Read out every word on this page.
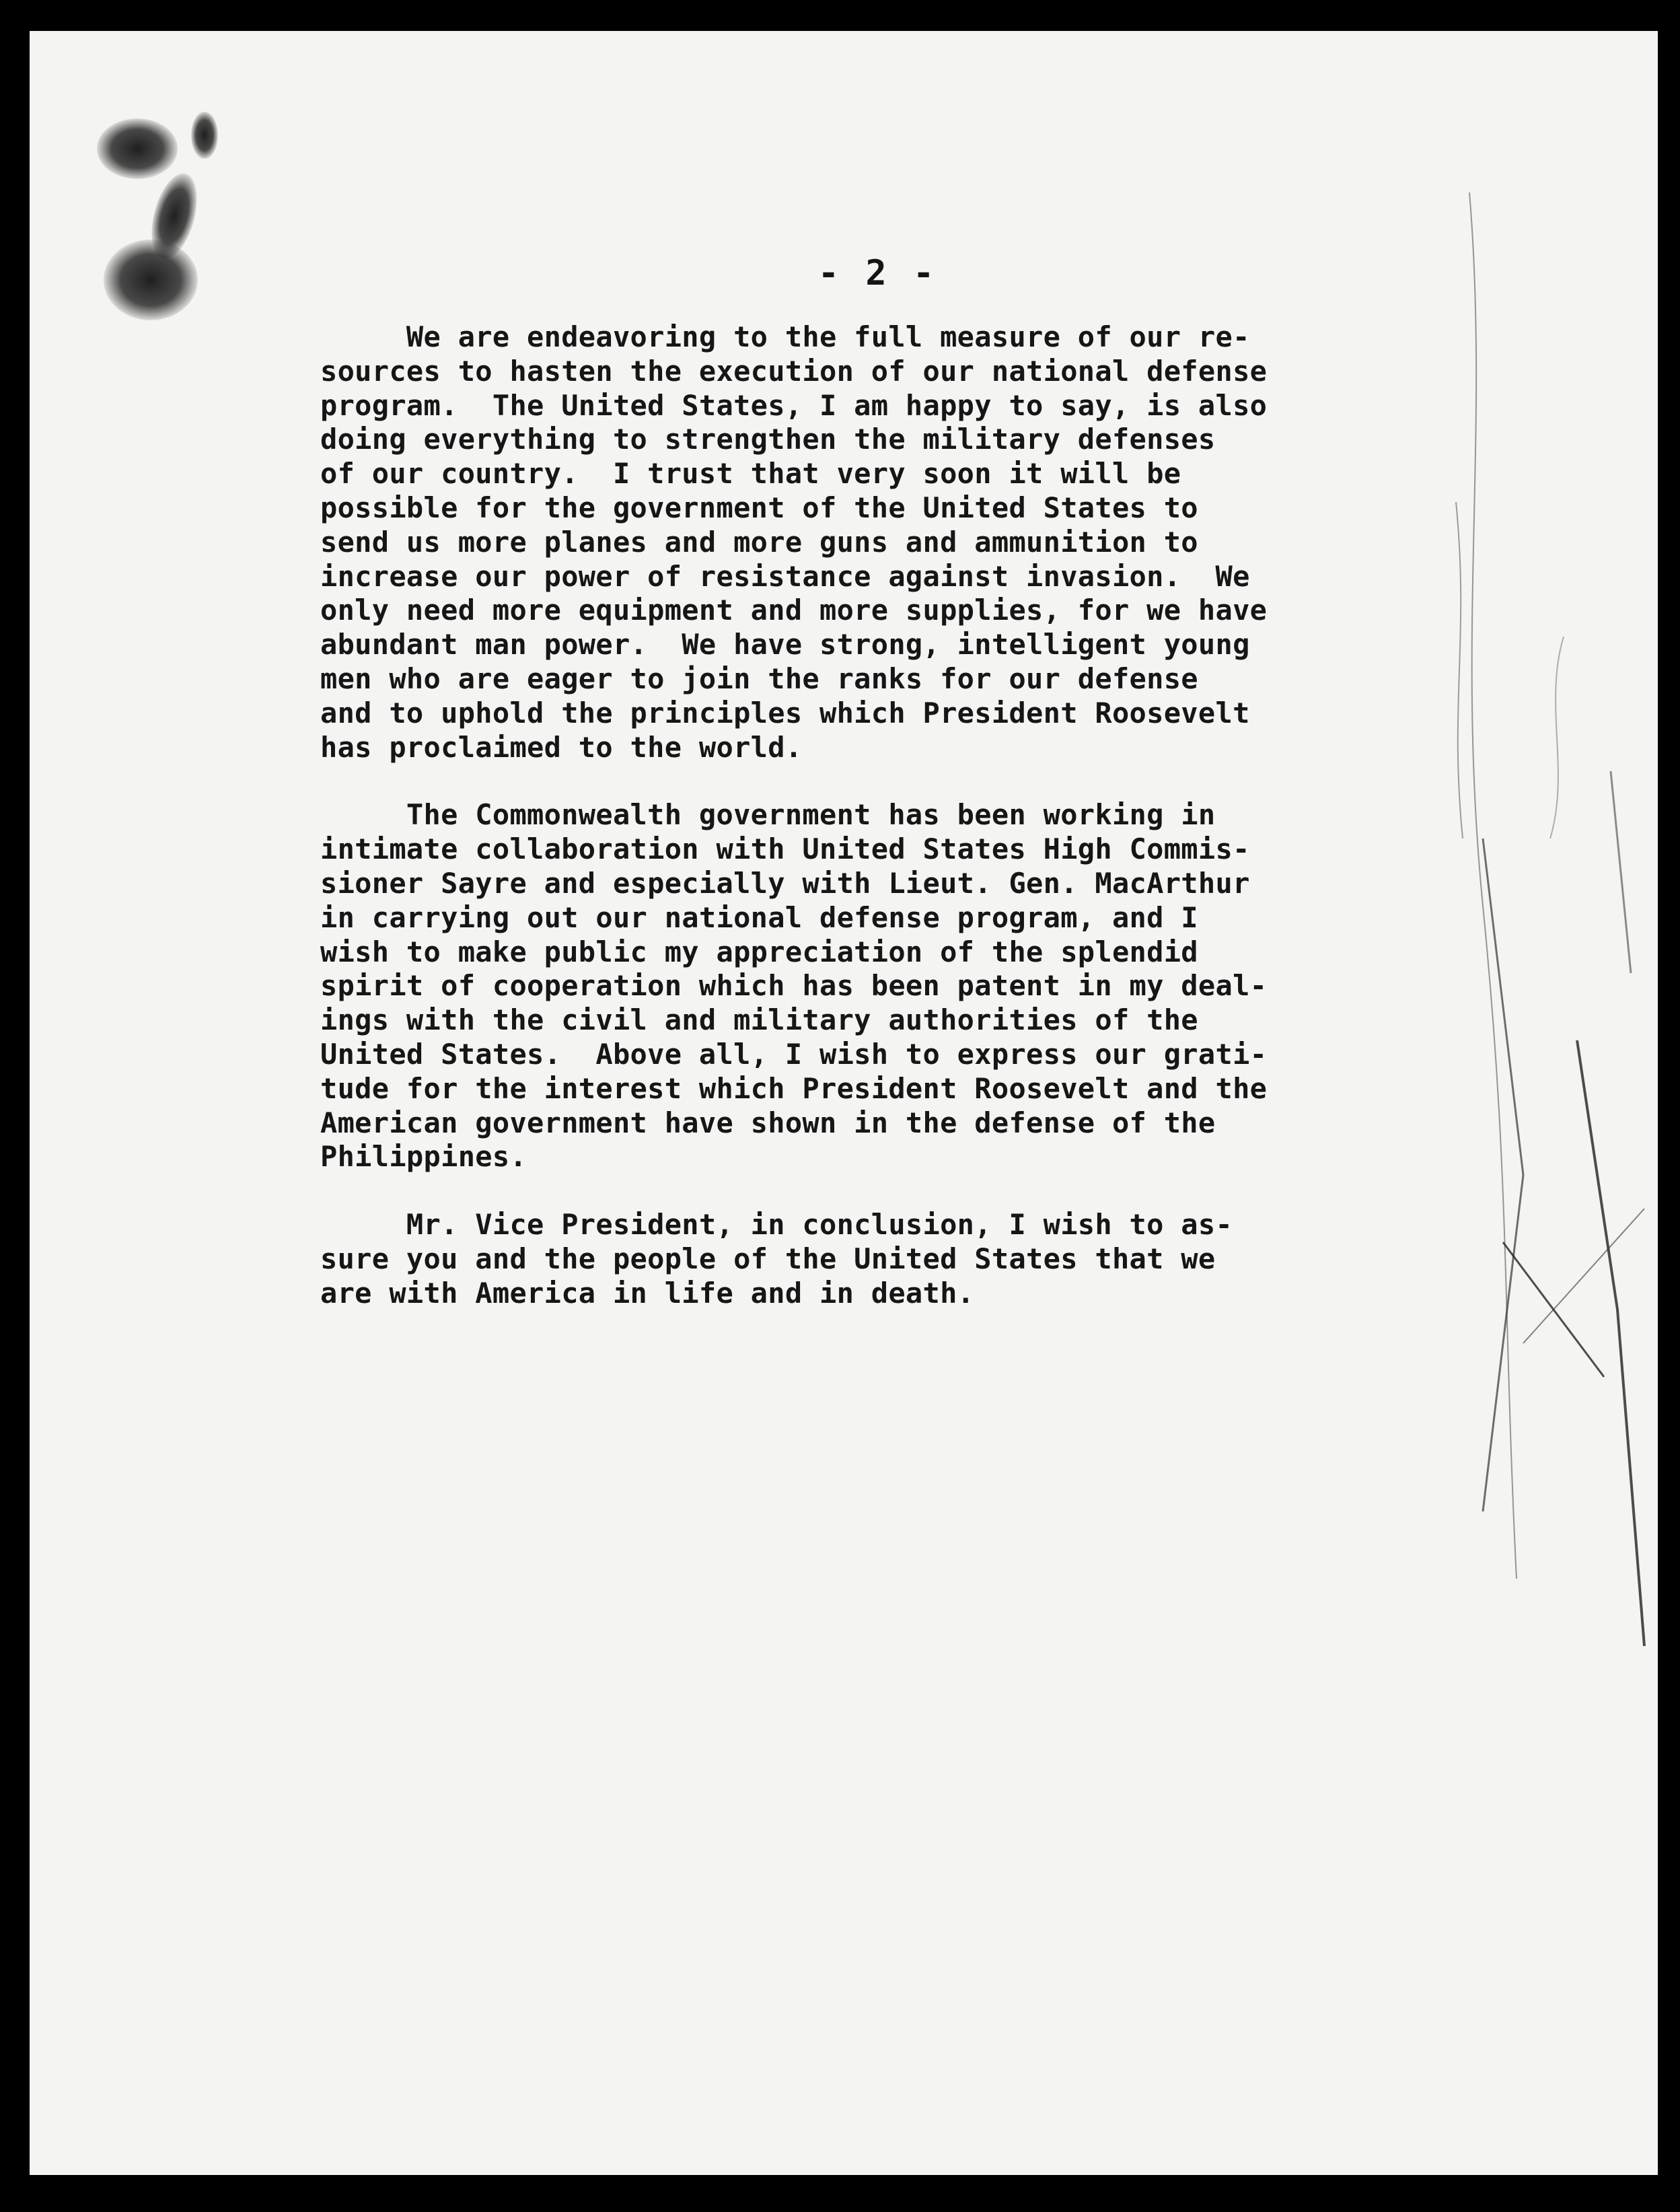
- 2 -
We are endeavoring to the full measure of our re-
sources to hasten the execution of our national defense
program.  The United States, I am happy to say, is also
doing everything to strengthen the military defenses
of our country.  I trust that very soon it will be
possible for the government of the United States to
send us more planes and more guns and ammunition to
increase our power of resistance against invasion.  We
only need more equipment and more supplies, for we have
abundant man power.  We have strong, intelligent young
men who are eager to join the ranks for our defense
and to uphold the principles which President Roosevelt
has proclaimed to the world.
The Commonwealth government has been working in
intimate collaboration with United States High Commis-
sioner Sayre and especially with Lieut. Gen. MacArthur
in carrying out our national defense program, and I
wish to make public my appreciation of the splendid
spirit of cooperation which has been patent in my deal-
ings with the civil and military authorities of the
United States.  Above all, I wish to express our grati-
tude for the interest which President Roosevelt and the
American government have shown in the defense of the
Philippines.
Mr. Vice President, in conclusion, I wish to as-
sure you and the people of the United States that we
are with America in life and in death.
